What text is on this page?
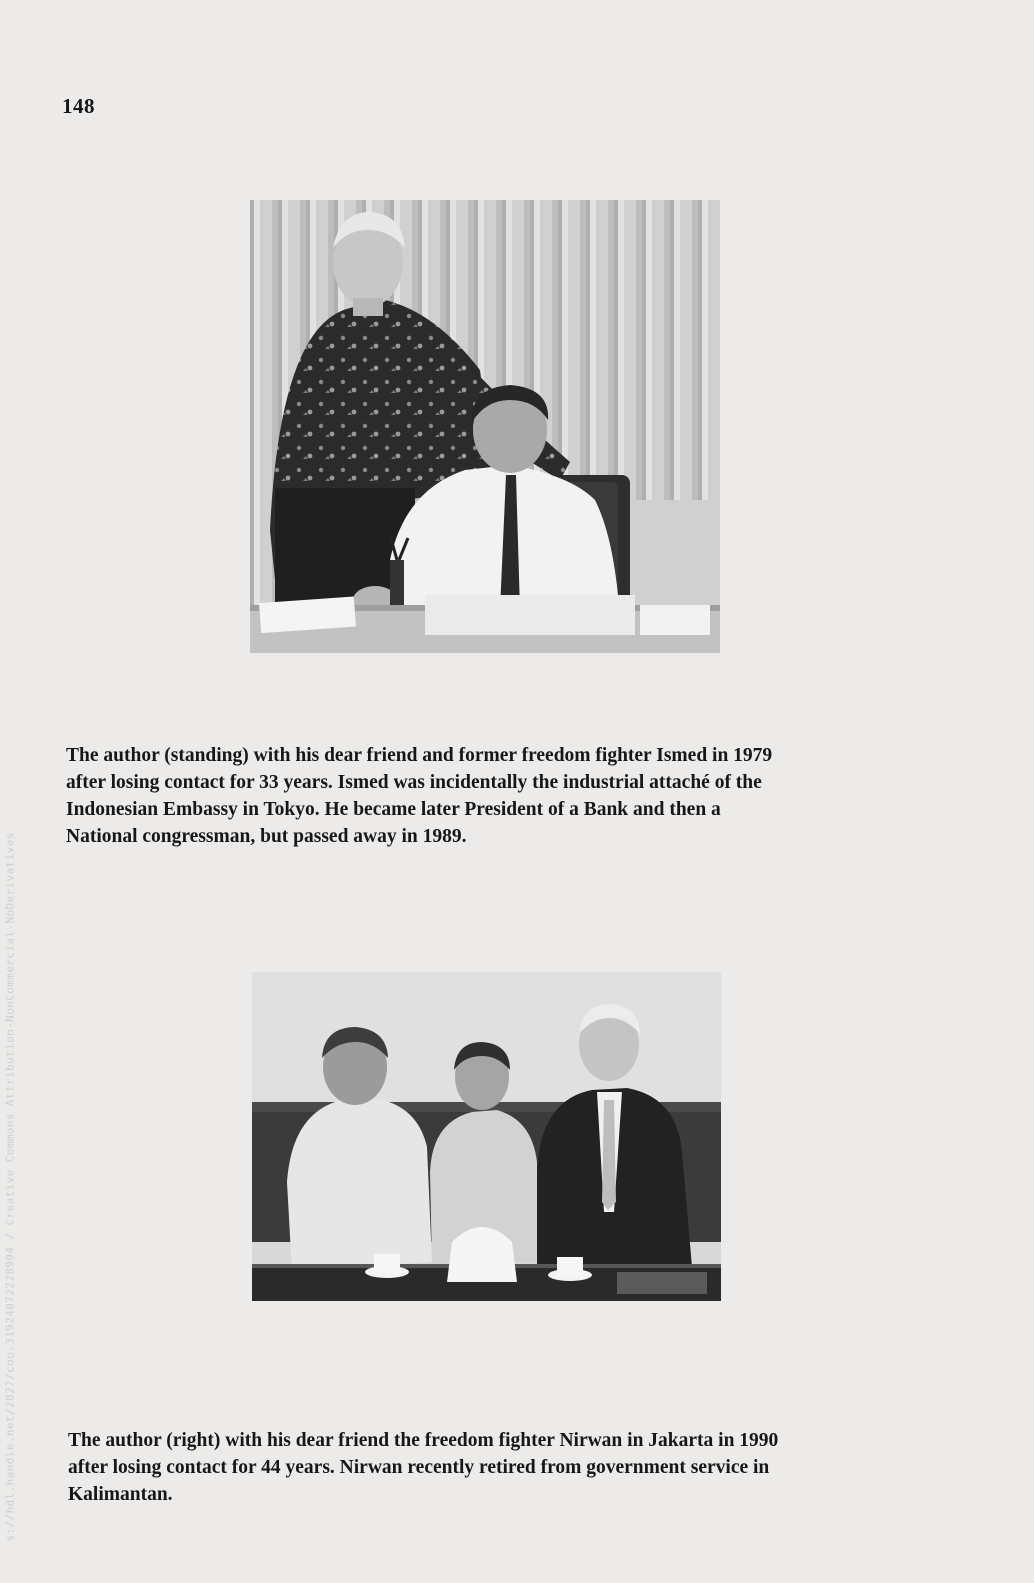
148
s://hdl.handle.net/2027/coo.31924072228994 / Creative Commons Attribution-NonCommercial-NoDerivatives
The author (standing) with his dear friend and former freedom fighter Ismed in 1979
after losing contact for 33 years. Ismed was incidentally the industrial attaché of the
Indonesian Embassy in Tokyo. He became later President of a Bank and then a
National congressman, but passed away in 1989.
The author (right) with his dear friend the freedom fighter Nirwan in Jakarta in 1990
after losing contact for 44 years. Nirwan recently retired from government service in
Kalimantan.
